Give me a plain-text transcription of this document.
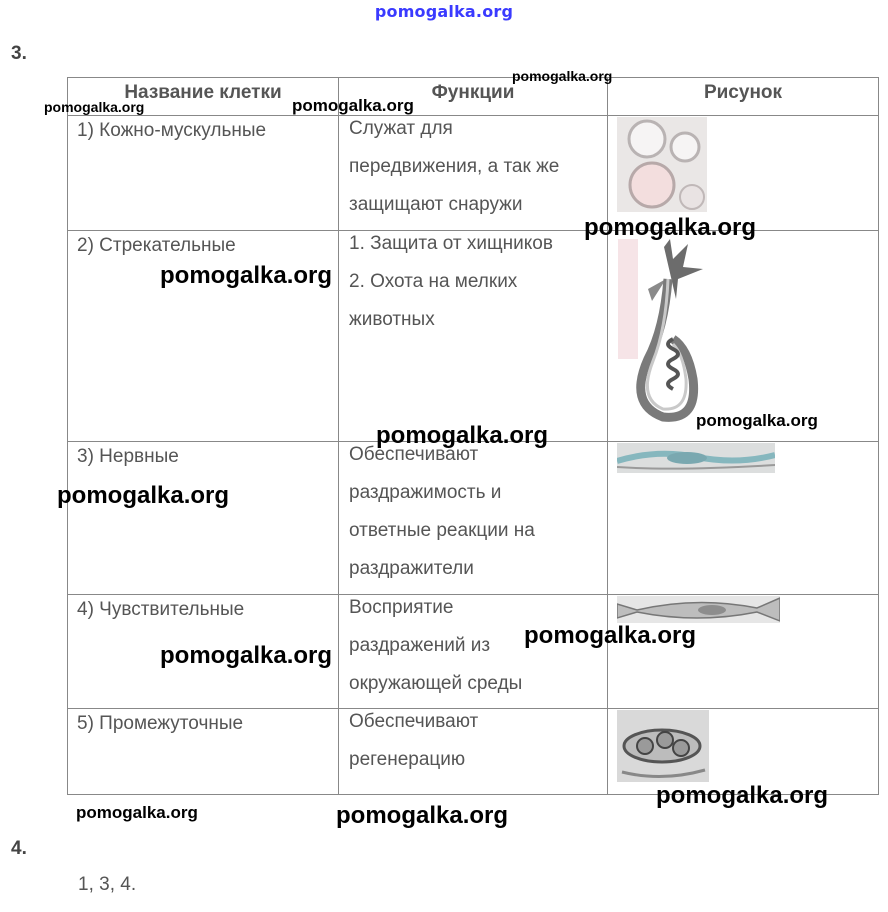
pomogalka.org
3.
Название клетки	Функции	Рисунок
1) Кожно-мускульные	Служат для
передвижения, а так же
защищают снаружи

2) Стрекательные	1. Защита от хищников
2. Охота на мелких
животных

3) Нервные	Обеспечивают
раздражимость и
ответные реакции на
раздражители

4) Чувствительные	Восприятие
раздражений из
окружающей среды

5) Промежуточные	Обеспечивают
регенерацию

4.
1, 3, 4.
pomogalka.org
pomogalka.org	pomogalka.org
pomogalka.org
pomogalka.org
pomogalka.org
pomogalka.org
pomogalka.org
pomogalka.org
pomogalka.org
pomogalka.org
pomogalka.org	pomogalka.org
